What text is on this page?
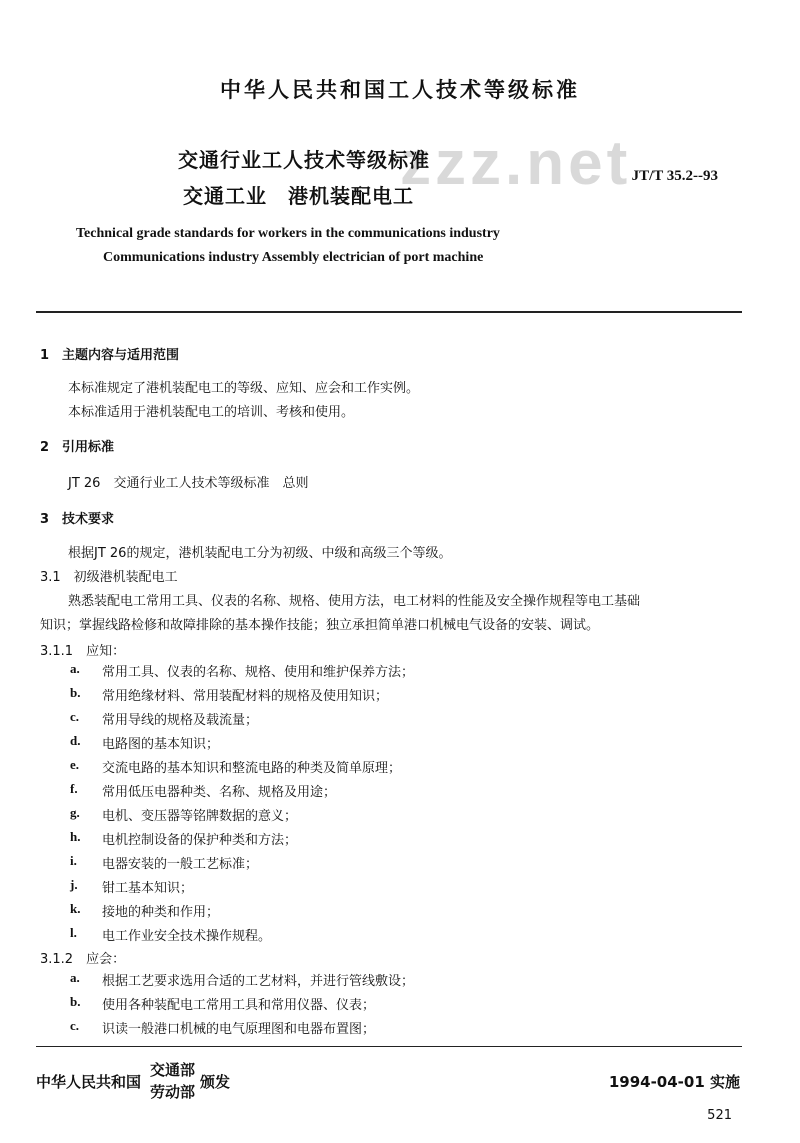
中华人民共和国工人技术等级标准
zzz.net
交通行业工人技术等级标准
交通工业　港机装配电工
JT/T 35.2--93
Technical grade standards for workers in the communications industry
Communications industry Assembly electrician of port machine
1　主题内容与适用范围
本标准规定了港机装配电工的等级、应知、应会和工作实例。
本标准适用于港机装配电工的培训、考核和使用。
2　引用标准
JT 26　交通行业工人技术等级标准　总则
3　技术要求
根据JT 26的规定，港机装配电工分为初级、中级和高级三个等级。
3.1　初级港机装配电工
熟悉装配电工常用工具、仪表的名称、规格、使用方法，电工材料的性能及安全操作规程等电工基础
知识；掌握线路检修和故障排除的基本操作技能；独立承担简单港口机械电气设备的安装、调试。
3.1.1　应知：
a. 常用工具、仪表的名称、规格、使用和维护保养方法；
b. 常用绝缘材料、常用装配材料的规格及使用知识；
c. 常用导线的规格及载流量；
d. 电路图的基本知识；
e. 交流电路的基本知识和整流电路的种类及简单原理；
f. 常用低压电器种类、名称、规格及用途；
g. 电机、变压器等铭牌数据的意义；
h. 电机控制设备的保护种类和方法；
i. 电器安装的一般工艺标准；
j. 钳工基本知识；
k. 接地的种类和作用；
l. 电工作业安全技术操作规程。
3.1.2　应会：
a. 根据工艺要求选用合适的工艺材料，并进行管线敷设；
b. 使用各种装配电工常用工具和常用仪器、仪表；
c. 识读一般港口机械的电气原理图和电器布置图；
中华人民共和国
交通部
劳动部
颁发	1994-04-01 实施
521
